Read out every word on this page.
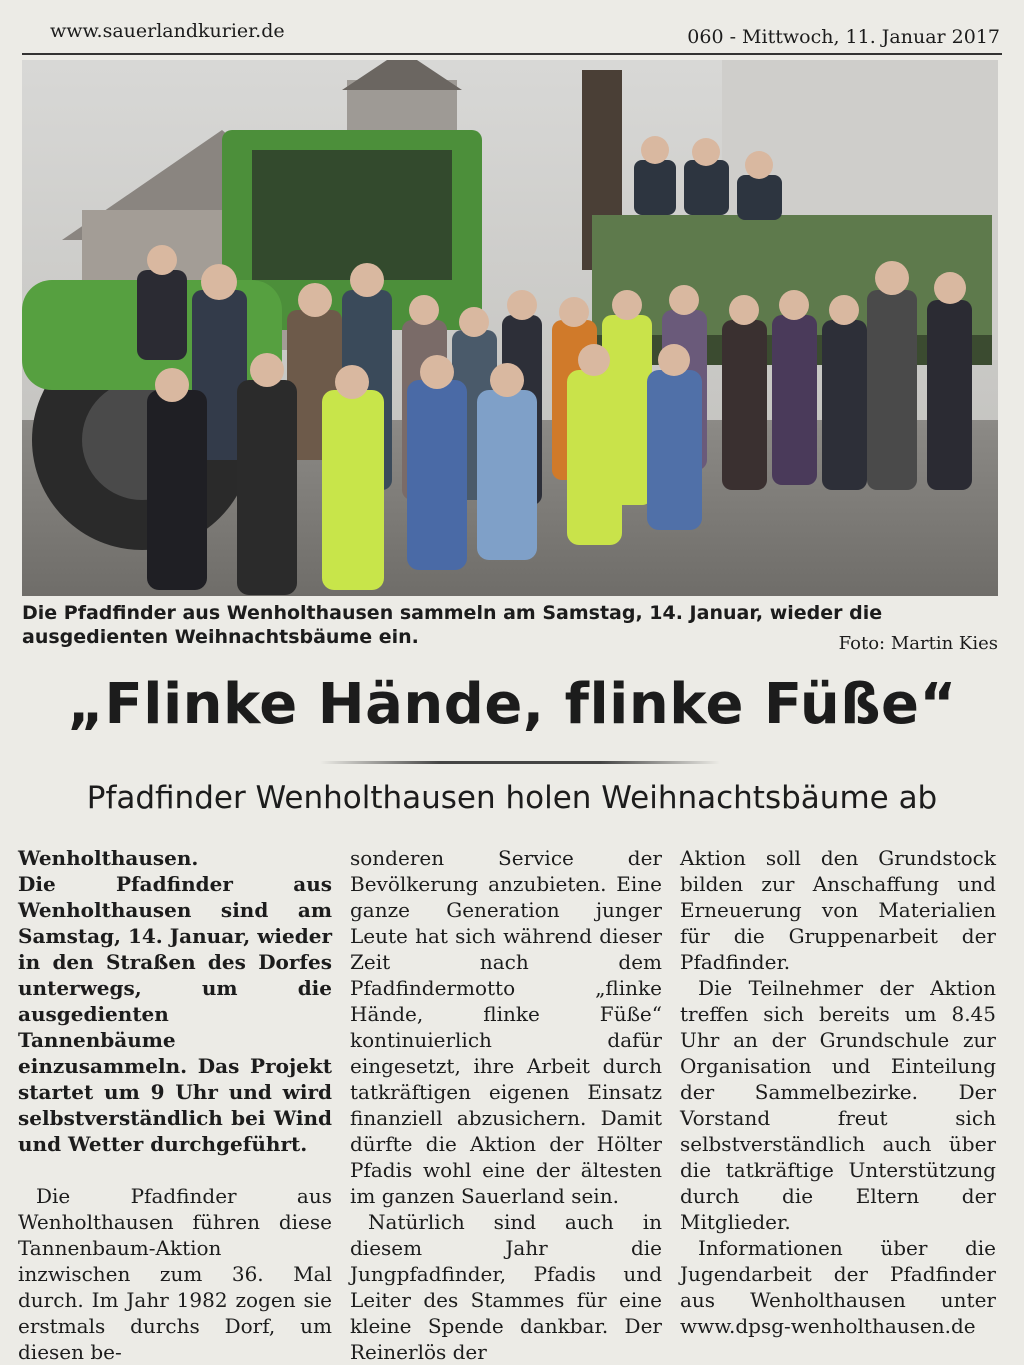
www.sauerlandkurier.de	060 - Mittwoch, 11. Januar 2017
Die Pfadfinder aus Wenholthausen sammeln am Samstag, 14. Januar, wieder die ausgedienten Weihnachtsbäume ein.	Foto: Martin Kies
„Flinke Hände, flinke Füße“
Pfadfinder Wenholthausen holen Weihnachtsbäume ab

Wenholthausen.

Die Pfadfinder aus Wenholthausen sind am Samstag, 14. Januar, wieder in den Straßen des Dorfes unterwegs, um die ausgedienten Tannenbäume einzusammeln. Das Projekt startet um 9 Uhr und wird selbstverständlich bei Wind und Wetter durchgeführt.

Die Pfadfinder aus Wenholthausen führen diese Tannenbaum-Aktion inzwischen zum 36. Mal durch. Im Jahr 1982 zogen sie erstmals durchs Dorf, um diesen be-

sonderen Service der Bevölkerung anzubieten. Eine ganze Generation junger Leute hat sich während dieser Zeit nach dem Pfadfindermotto „flinke Hände, flinke Füße“ kontinuierlich dafür eingesetzt, ihre Arbeit durch tatkräftigen eigenen Einsatz finanziell abzusichern. Damit dürfte die Aktion der Hölter Pfadis wohl eine der ältesten im ganzen Sauerland sein.

Natürlich sind auch in diesem Jahr die Jungpfadfinder, Pfadis und Leiter des Stammes für eine kleine Spende dankbar. Der Reinerlös der

Aktion soll den Grundstock bilden zur Anschaffung und Erneuerung von Materialien für die Gruppenarbeit der Pfadfinder.

Die Teilnehmer der Aktion treffen sich bereits um 8.45 Uhr an der Grundschule zur Organisation und Einteilung der Sammelbezirke. Der Vorstand freut sich selbstverständlich auch über die tatkräftige Unterstützung durch die Eltern der Mitglieder.

Informationen über die Jugendarbeit der Pfadfinder aus Wenholthausen unter www.dpsg-wenholthausen.de
